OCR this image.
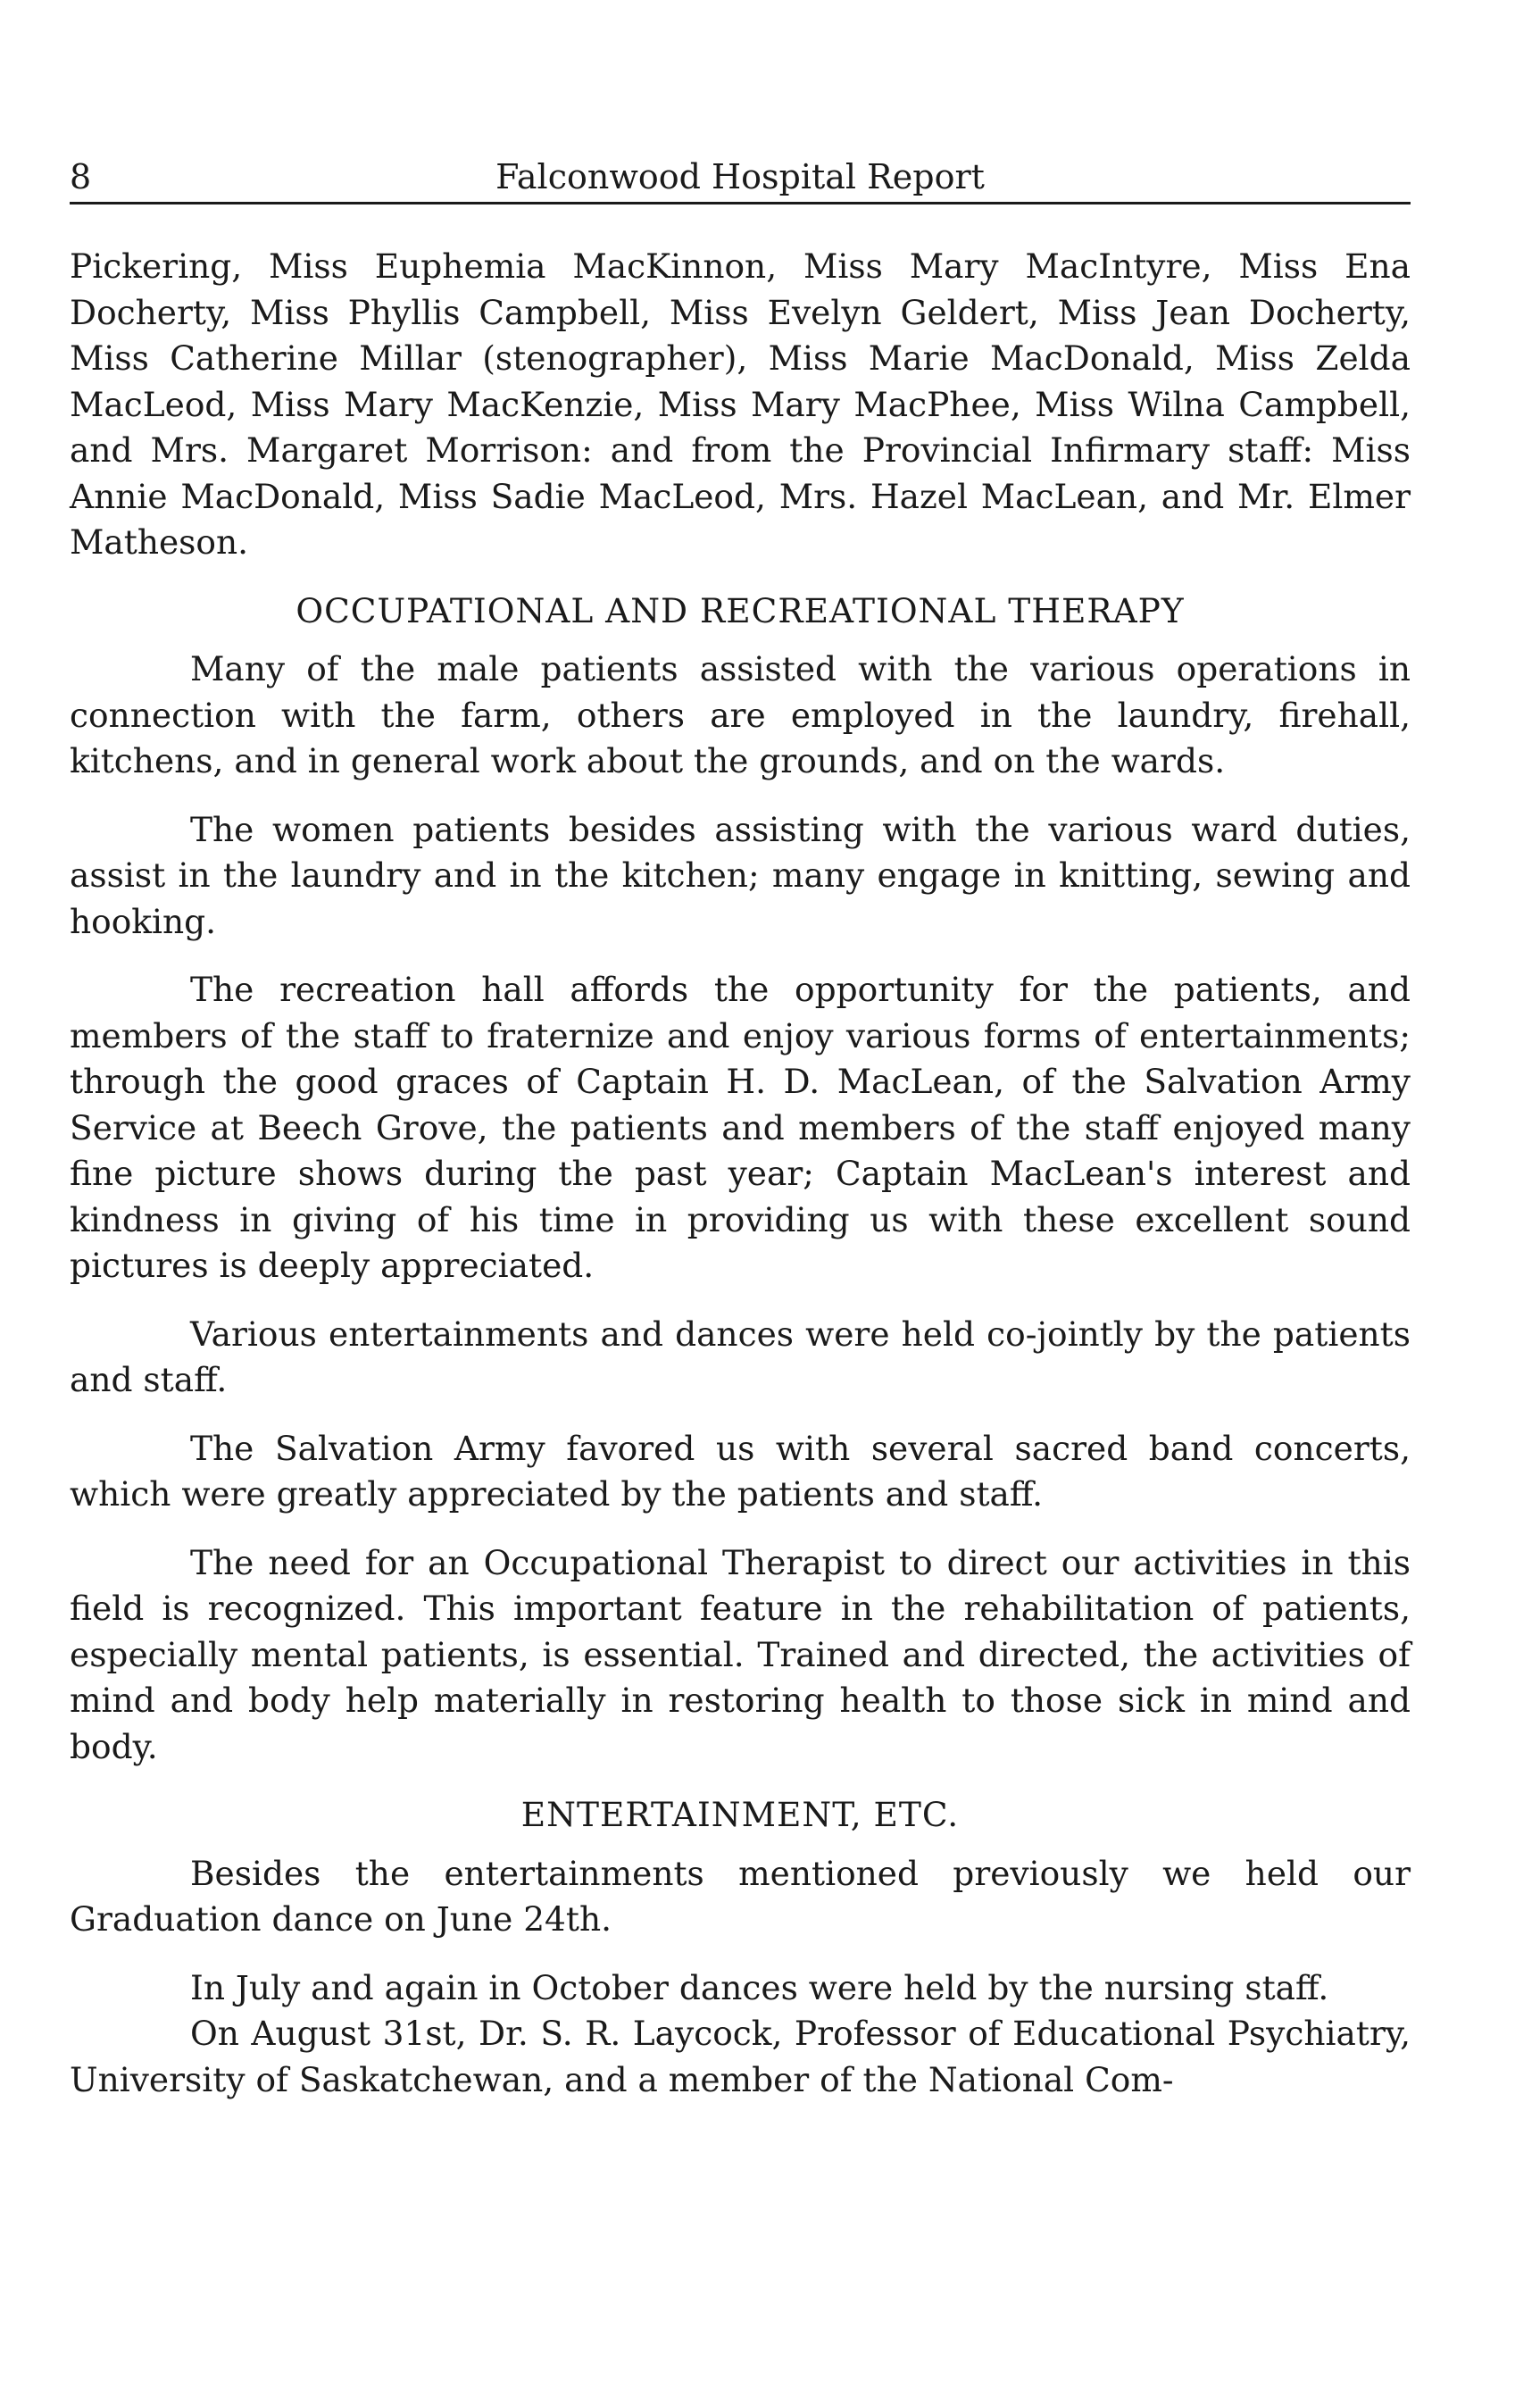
8	Falconwood Hospital Report

Pickering, Miss Euphemia MacKinnon, Miss Mary MacIntyre, Miss Ena Docherty, Miss Phyllis Campbell, Miss Evelyn Geldert, Miss Jean Docherty, Miss Catherine Millar (stenographer), Miss Marie MacDonald, Miss Zelda MacLeod, Miss Mary MacKenzie, Miss Mary MacPhee, Miss Wilna Campbell, and Mrs. Margaret Morrison: and from the Provincial Infirmary staff: Miss Annie MacDonald, Miss Sadie MacLeod, Mrs. Hazel MacLean, and Mr. Elmer Matheson.

OCCUPATIONAL AND RECREATIONAL THERAPY

Many of the male patients assisted with the various operations in connection with the farm, others are employed in the laundry, firehall, kitchens, and in general work about the grounds, and on the wards.

The women patients besides assisting with the various ward duties, assist in the laundry and in the kitchen; many engage in knitting, sewing and hooking.

The recreation hall affords the opportunity for the patients, and members of the staff to fraternize and enjoy various forms of entertainments; through the good graces of Captain H. D. MacLean, of the Salvation Army Service at Beech Grove, the patients and members of the staff enjoyed many fine picture shows during the past year; Captain MacLean's interest and kindness in giving of his time in providing us with these excellent sound pictures is deeply appreciated.

Various entertainments and dances were held co-jointly by the patients and staff.

The Salvation Army favored us with several sacred band concerts, which were greatly appreciated by the patients and staff.

The need for an Occupational Therapist to direct our activities in this field is recognized. This important feature in the rehabilitation of patients, especially mental patients, is essential. Trained and directed, the activities of mind and body help materially in restoring health to those sick in mind and body.

ENTERTAINMENT, ETC.

Besides the entertainments mentioned previously we held our Graduation dance on June 24th.

In July and again in October dances were held by the nursing staff.

On August 31st, Dr. S. R. Laycock, Professor of Educational Psychiatry, University of Saskatchewan, and a member of the National Com-
